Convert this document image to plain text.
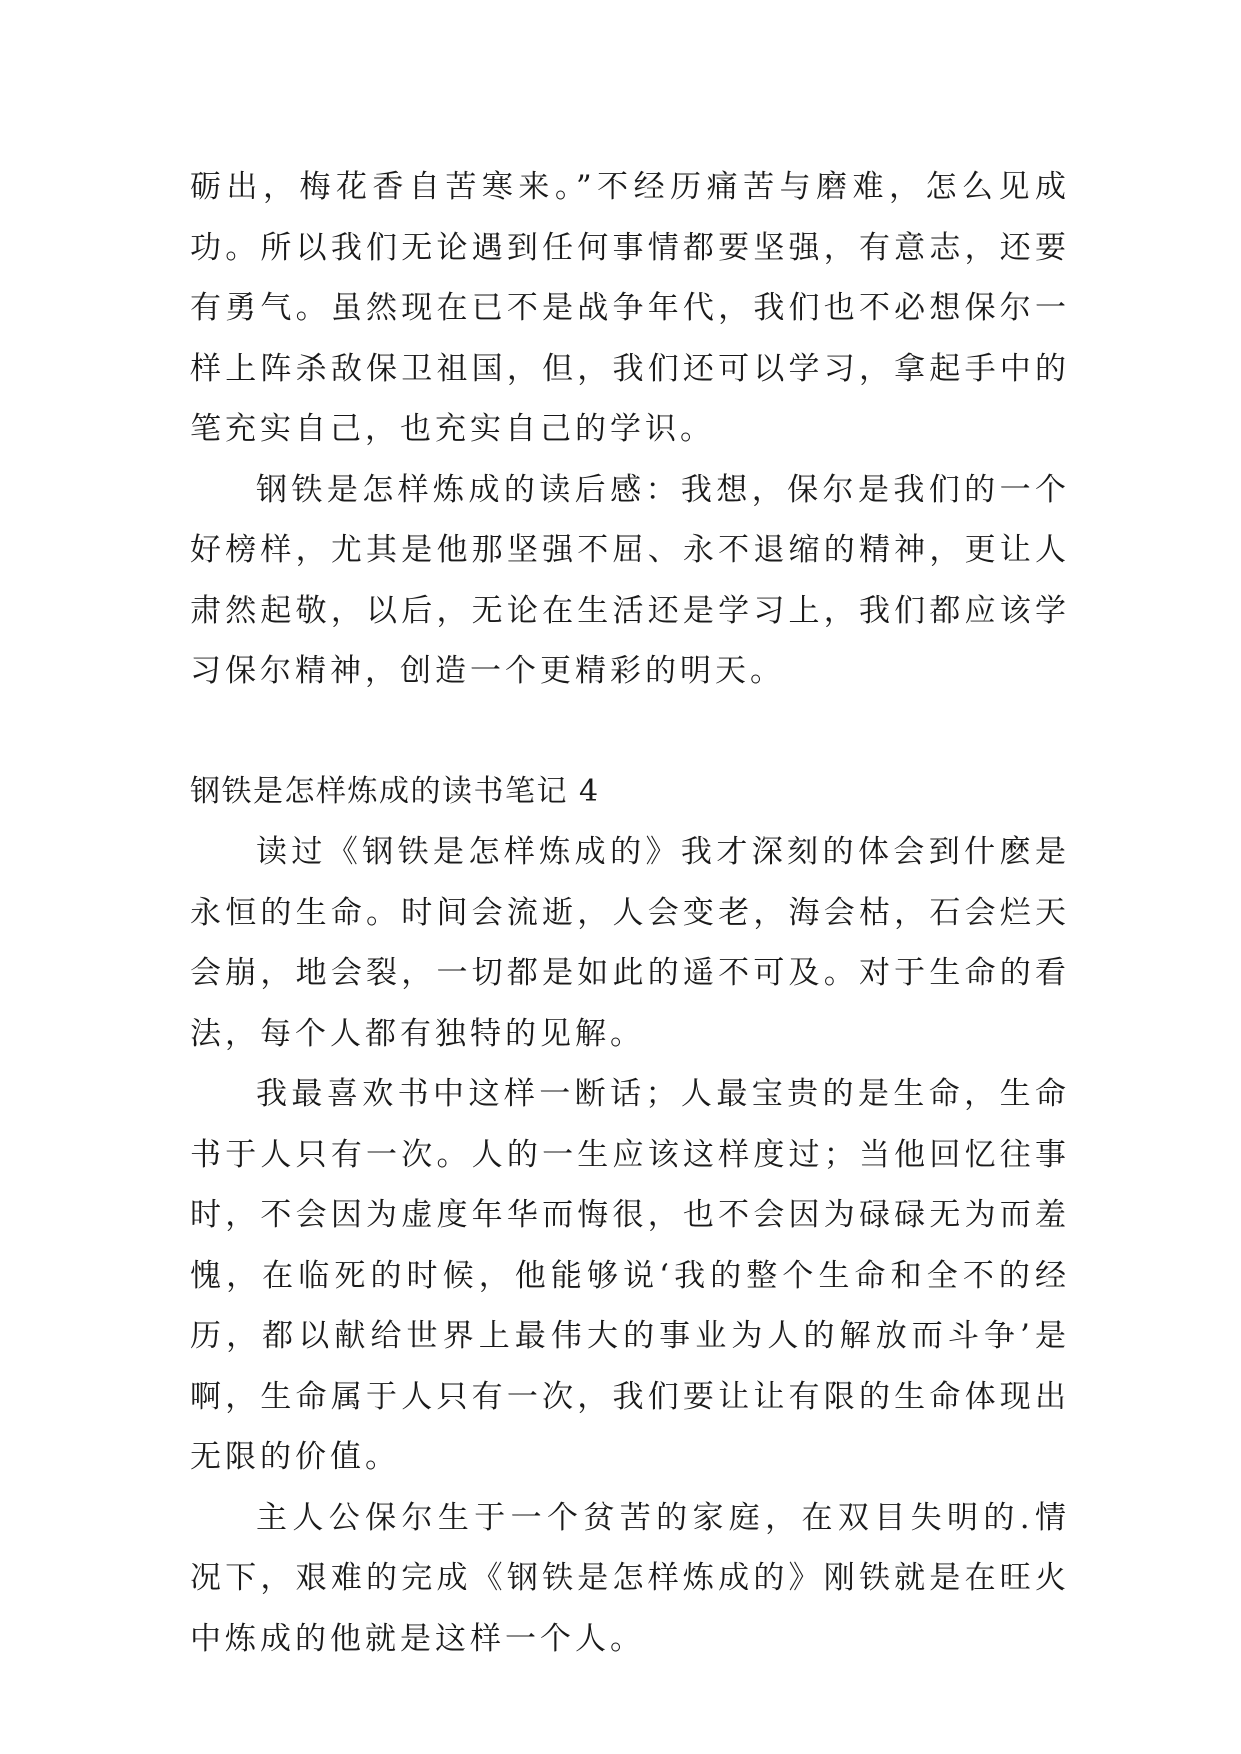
砺出，梅花香自苦寒来。”不经历痛苦与磨难，怎么见成功。所以我们无论遇到任何事情都要坚强，有意志，还要有勇气。虽然现在已不是战争年代，我们也不必想保尔一样上阵杀敌保卫祖国，但，我们还可以学习，拿起手中的笔充实自己，也充实自己的学识。

钢铁是怎样炼成的读后感：我想，保尔是我们的一个好榜样，尤其是他那坚强不屈、永不退缩的精神，更让人肃然起敬，以后，无论在生活还是学习上，我们都应该学习保尔精神，创造一个更精彩的明天。

钢铁是怎样炼成的读书笔记 4

读过《钢铁是怎样炼成的》我才深刻的体会到什麽是永恒的生命。时间会流逝，人会变老，海会枯，石会烂天会崩，地会裂，一切都是如此的遥不可及。对于生命的看法，每个人都有独特的见解。

我最喜欢书中这样一断话；人最宝贵的是生命，生命书于人只有一次。人的一生应该这样度过；当他回忆往事时，不会因为虚度年华而悔很，也不会因为碌碌无为而羞愧，在临死的时候，他能够说‘我的整个生命和全不的经历，都以献给世界上最伟大的事业为人的解放而斗争’是啊，生命属于人只有一次，我们要让让有限的生命体现出无限的价值。

主人公保尔生于一个贫苦的家庭，在双目失明的.情况下，艰难的完成《钢铁是怎样炼成的》刚铁就是在旺火中炼成的他就是这样一个人。
